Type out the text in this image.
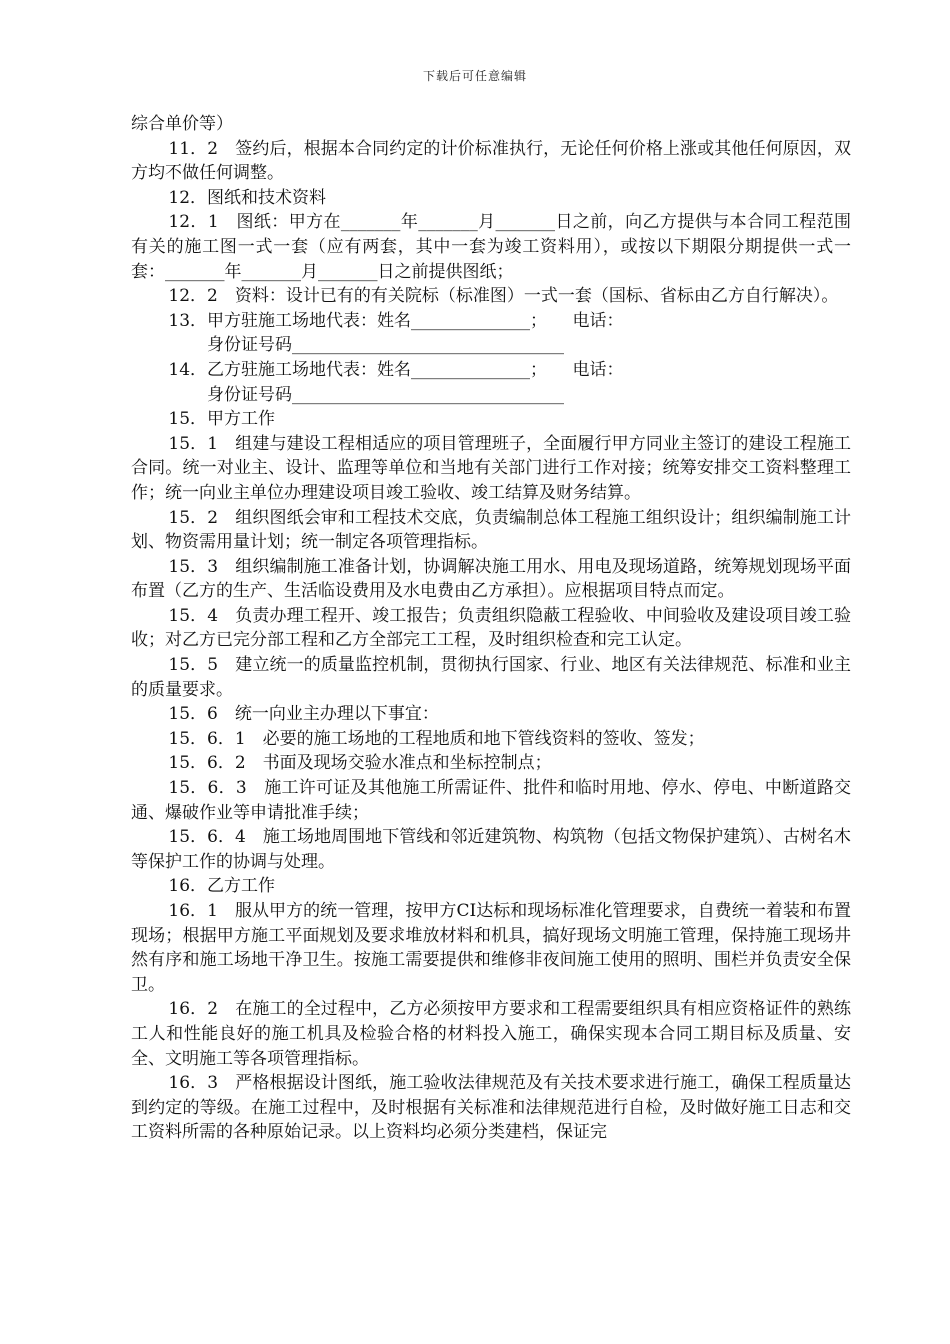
下载后可任意编辑

综合单价等）

11．2　签约后，根据本合同约定的计价标准执行，无论任何价格上涨或其他任何原因，双方均不做任何调整。

12．图纸和技术资料

12．1　图纸：甲方在_______年_______月_______日之前，向乙方提供与本合同工程范围有关的施工图一式一套（应有两套，其中一套为竣工资料用），或按以下期限分期提供一式一套：_______年_______月_______日之前提供图纸；

12．2　资料：设计已有的有关院标（标准图）一式一套（国标、省标由乙方自行解决）。

13．甲方驻施工场地代表：姓名______________；　　电话：

身份证号码________________________________

14．乙方驻施工场地代表：姓名______________；　　电话：

身份证号码________________________________

15．甲方工作

15．1　组建与建设工程相适应的项目管理班子，全面履行甲方同业主签订的建设工程施工合同。统一对业主、设计、监理等单位和当地有关部门进行工作对接；统筹安排交工资料整理工作；统一向业主单位办理建设项目竣工验收、竣工结算及财务结算。

15．2　组织图纸会审和工程技术交底，负责编制总体工程施工组织设计；组织编制施工计划、物资需用量计划；统一制定各项管理指标。

15．3　组织编制施工准备计划，协调解决施工用水、用电及现场道路，统筹规划现场平面布置（乙方的生产、生活临设费用及水电费由乙方承担）。应根据项目特点而定。

15．4　负责办理工程开、竣工报告；负责组织隐蔽工程验收、中间验收及建设项目竣工验收；对乙方已完分部工程和乙方全部完工工程，及时组织检查和完工认定。

15．5　建立统一的质量监控机制，贯彻执行国家、行业、地区有关法律规范、标准和业主的质量要求。

15．6　统一向业主办理以下事宜：

15．6．1　必要的施工场地的工程地质和地下管线资料的签收、签发；

15．6．2　书面及现场交验水准点和坐标控制点；

15．6．3　施工许可证及其他施工所需证件、批件和临时用地、停水、停电、中断道路交通、爆破作业等申请批准手续；

15．6．4　施工场地周围地下管线和邻近建筑物、构筑物（包括文物保护建筑）、古树名木等保护工作的协调与处理。

16．乙方工作

16．1　服从甲方的统一管理，按甲方CI达标和现场标准化管理要求，自费统一着装和布置现场；根据甲方施工平面规划及要求堆放材料和机具，搞好现场文明施工管理，保持施工现场井然有序和施工场地干净卫生。按施工需要提供和维修非夜间施工使用的照明、围栏并负责安全保卫。

16．2　在施工的全过程中，乙方必须按甲方要求和工程需要组织具有相应资格证件的熟练工人和性能良好的施工机具及检验合格的材料投入施工，确保实现本合同工期目标及质量、安全、文明施工等各项管理指标。

16．3　严格根据设计图纸，施工验收法律规范及有关技术要求进行施工，确保工程质量达到约定的等级。在施工过程中，及时根据有关标准和法律规范进行自检，及时做好施工日志和交工资料所需的各种原始记录。以上资料均必须分类建档，保证完
